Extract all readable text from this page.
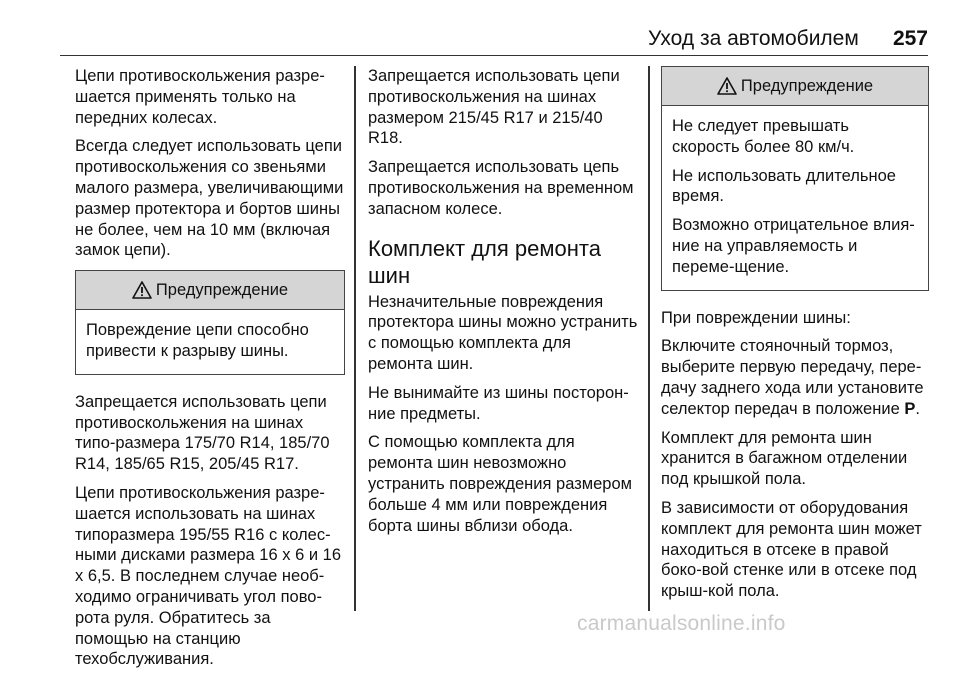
Уход за автомобилем 257

Цепи противоскольжения разре‐шается применять только на передних колесах.

Всегда следует использовать цепи противоскольжения со звеньями малого размера, увеличивающими размер протектора и бортов шины не более, чем на 10 мм (включая замок цепи).

Предупреждение

Повреждение цепи способно привести к разрыву шины.

Запрещается использовать цепи противоскольжения на шинах типо‐размера 175/70 R14, 185/70 R14, 185/65 R15, 205/45 R17.

Цепи противоскольжения разре‐шается использовать на шинах типоразмера 195/55 R16 с колес‐ными дисками размера 16 x 6 и 16 x 6,5. В последнем случае необ‐ходимо ограничивать угол пово‐рота руля. Обратитесь за помощью на станцию техобслуживания.

Запрещается использовать цепи противоскольжения на шинах размером 215/45 R17 и 215/40 R18.

Запрещается использовать цепь противоскольжения на временном запасном колесе.

Комплект для ремонта шин

Незначительные повреждения протектора шины можно устранить с помощью комплекта для ремонта шин.

Не вынимайте из шины посторон‐ние предметы.

С помощью комплекта для ремонта шин невозможно устранить повреждения размером больше 4 мм или повреждения борта шины вблизи обода.

Предупреждение

Не следует превышать скорость более 80 км/ч.

Не использовать длительное время.

Возможно отрицательное влия‐ние на управляемость и переме‐щение.

При повреждении шины:

Включите стояночный тормоз, выберите первую передачу, пере‐дачу заднего хода или установите селектор передач в положение P.

Комплект для ремонта шин хранится в багажном отделении под крышкой пола.

В зависимости от оборудования комплект для ремонта шин может находиться в отсеке в правой боко‐вой стенке или в отсеке под крыш‐кой пола.

carmanualsonline.info
